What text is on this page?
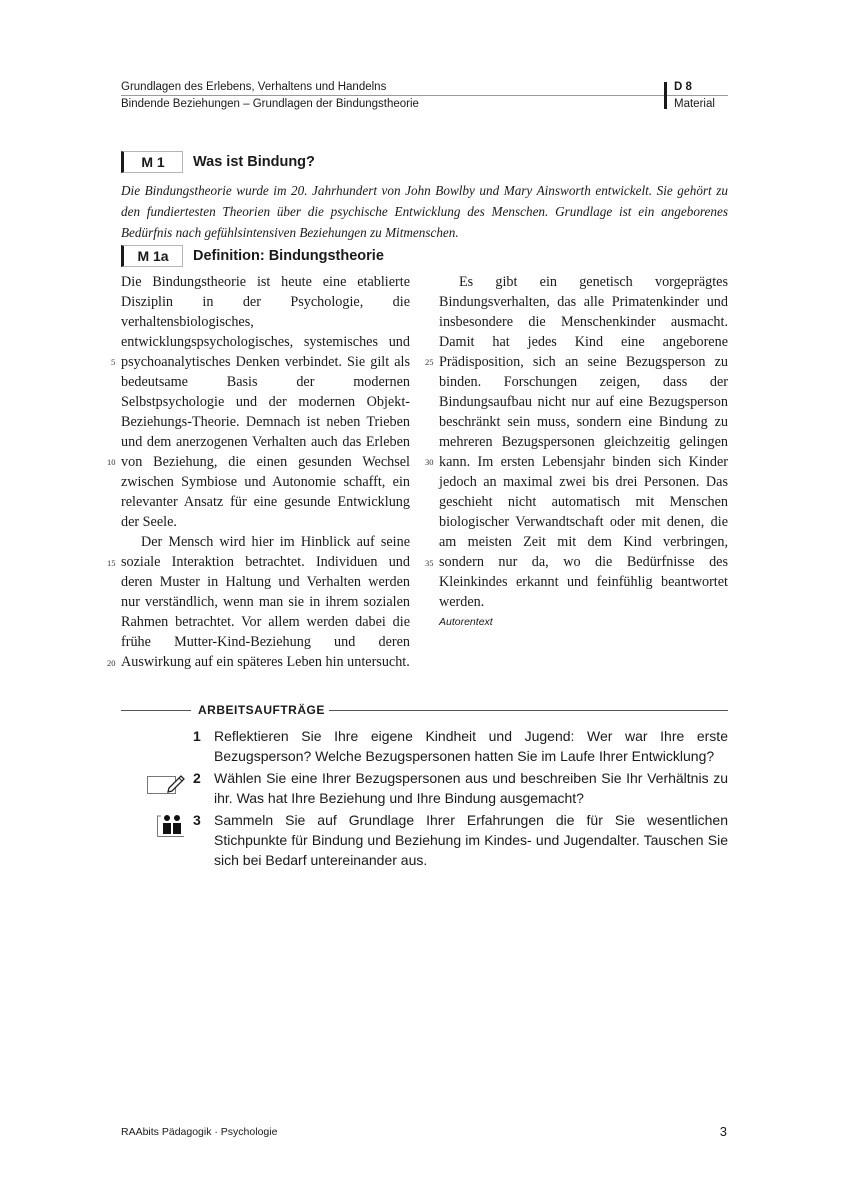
Grundlagen des Erlebens, Verhaltens und Handelns
Bindende Beziehungen – Grundlagen der Bindungstheorie
D 8
Material
M 1	Was ist Bindung?
Die Bindungstheorie wurde im 20. Jahrhundert von John Bowlby und Mary Ainsworth entwickelt. Sie gehört zu den fundiertesten Theorien über die psychische Entwicklung des Menschen. Grundlage ist ein angeborenes Bedürfnis nach gefühlsintensiven Beziehungen zu Mitmenschen.
M 1a	Definition: Bindungstheorie

Die Bindungstheorie ist heute eine etablierte Disziplin in der Psychologie, die verhaltensbiologisches, entwicklungspsychologisches, systemisches und psychoanalytisches Denken verbindet. Sie gilt als bedeutsame Basis der modernen Selbstpsychologie und der modernen Objekt-Beziehungs-Theorie. Demnach ist neben Trieben und dem anerzogenen Verhalten auch das Erleben von Beziehung, die einen gesunden Wechsel zwischen Symbiose und Autonomie schafft, ein relevanter Ansatz für eine gesunde Entwicklung der Seele.

Der Mensch wird hier im Hinblick auf seine soziale Interaktion betrachtet. Individuen und deren Muster in Haltung und Verhalten werden nur verständlich, wenn man sie in ihrem sozialen Rahmen betrachtet. Vor allem werden dabei die frühe Mutter-Kind-Beziehung und deren Auswirkung auf ein späteres Leben hin untersucht.

Es gibt ein genetisch vorgeprägtes Bindungsverhalten, das alle Primatenkinder und insbesondere die Menschenkinder ausmacht. Damit hat jedes Kind eine angeborene Prädisposition, sich an seine Bezugsperson zu binden. Forschungen zeigen, dass der Bindungsaufbau nicht nur auf eine Bezugsperson beschränkt sein muss, sondern eine Bindung zu mehreren Bezugspersonen gleichzeitig gelingen kann. Im ersten Lebensjahr binden sich Kinder jedoch an maximal zwei bis drei Personen. Das geschieht nicht automatisch mit Menschen biologischer Verwandtschaft oder mit denen, die am meisten Zeit mit dem Kind verbringen, sondern nur da, wo die Bedürfnisse des Kleinkindes erkannt und feinfühlig beantwortet werden.

5
10
15
20
25
30
35
Autorentext
ARBEITSAUFTRÄGE
1 Reflektieren Sie Ihre eigene Kindheit und Jugend: Wer war Ihre erste Bezugsperson? Welche Bezugspersonen hatten Sie im Laufe Ihrer Entwicklung?
2 Wählen Sie eine Ihrer Bezugspersonen aus und beschreiben Sie Ihr Verhältnis zu ihr. Was hat Ihre Beziehung und Ihre Bindung ausgemacht?
3 Sammeln Sie auf Grundlage Ihrer Erfahrungen die für Sie wesentlichen Stichpunkte für Bindung und Beziehung im Kindes- und Jugendalter. Tauschen Sie sich bei Bedarf untereinander aus.
RAAbits Pädagogik · Psychologie	3
